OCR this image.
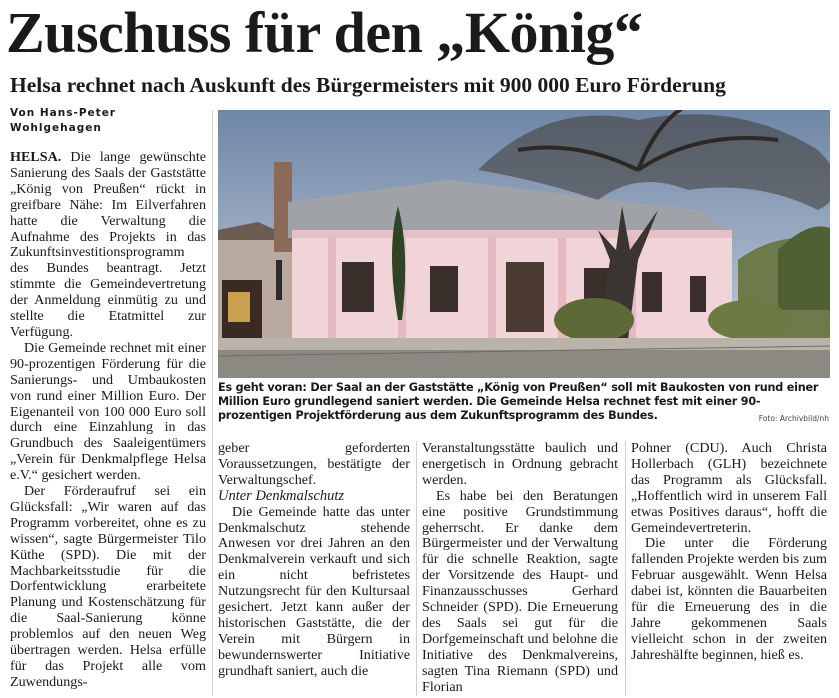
Zuschuss für den „König“
Helsa rechnet nach Auskunft des Bürgermeisters mit 900 000 Euro Förderung
Von Hans-Peter
Wohlgehagen

HELSA. Die lange gewünschte Sanierung des Saals der Gaststätte „König von Preußen“ rückt in greifbare Nähe: Im Eilverfahren hatte die Verwaltung die Aufnahme des Projekts in das Zukunftsinvestitionsprogramm des Bundes beantragt. Jetzt stimmte die Gemeindevertretung der Anmeldung einmütig zu und stellte die Etatmittel zur Verfügung.

Die Gemeinde rechnet mit einer 90-prozentigen Förderung für die Sanierungs- und Umbaukosten von rund einer Million Euro. Der Eigenanteil von 100 000 Euro soll durch eine Einzahlung in das Grundbuch des Saaleigentümers „Verein für Denkmalpflege Helsa e.V.“ gesichert werden.

Der Förderaufruf sei ein Glücksfall: „Wir waren auf das Programm vorbereitet, ohne es zu wissen“, sagte Bürgermeister Tilo Küthe (SPD). Die mit der Machbarkeitsstudie für die Dorfentwicklung erarbeitete Planung und Kostenschätzung für die Saal-Sanierung könne problemlos auf den neuen Weg übertragen werden. Helsa erfülle für das Projekt alle vom Zuwendungs-

Es geht voran: Der Saal an der Gaststätte „König von Preußen“ soll mit Baukosten von rund einer Million Euro grundlegend saniert werden. Die Gemeinde Helsa rechnet fest mit einer 90-prozentigen Projektförderung aus dem Zukunftsprogramm des Bundes.	Foto: Archivbild/nh

geber geforderten Voraussetzungen, bestätigte der Verwaltungschef.

Unter Denkmalschutz

Die Gemeinde hatte das unter Denkmalschutz stehende Anwesen vor drei Jahren an den Denkmalverein verkauft und sich ein nicht befristetes Nutzungsrecht für den Kultursaal gesichert. Jetzt kann außer der historischen Gaststätte, die der Verein mit Bürgern in bewundernswerter Initiative grundhaft saniert, auch die

Veranstaltungsstätte baulich und energetisch in Ordnung gebracht werden.

Es habe bei den Beratungen eine positive Grundstimmung geherrscht. Er danke dem Bürgermeister und der Verwaltung für die schnelle Reaktion, sagte der Vorsitzende des Haupt- und Finanzausschusses Gerhard Schneider (SPD). Die Erneuerung des Saals sei gut für die Dorfgemeinschaft und belohne die Initiative des Denkmalvereins, sagten Tina Riemann (SPD) und Florian

Pohner (CDU). Auch Christa Hollerbach (GLH) bezeichnete das Programm als Glücksfall. „Hoffentlich wird in unserem Fall etwas Positives daraus“, hofft die Gemeindevertreterin.

Die unter die Förderung fallenden Projekte werden bis zum Februar ausgewählt. Wenn Helsa dabei ist, könnten die Bauarbeiten für die Erneuerung des in die Jahre gekommenen Saals vielleicht schon in der zweiten Jahreshälfte beginnen, hieß es.
